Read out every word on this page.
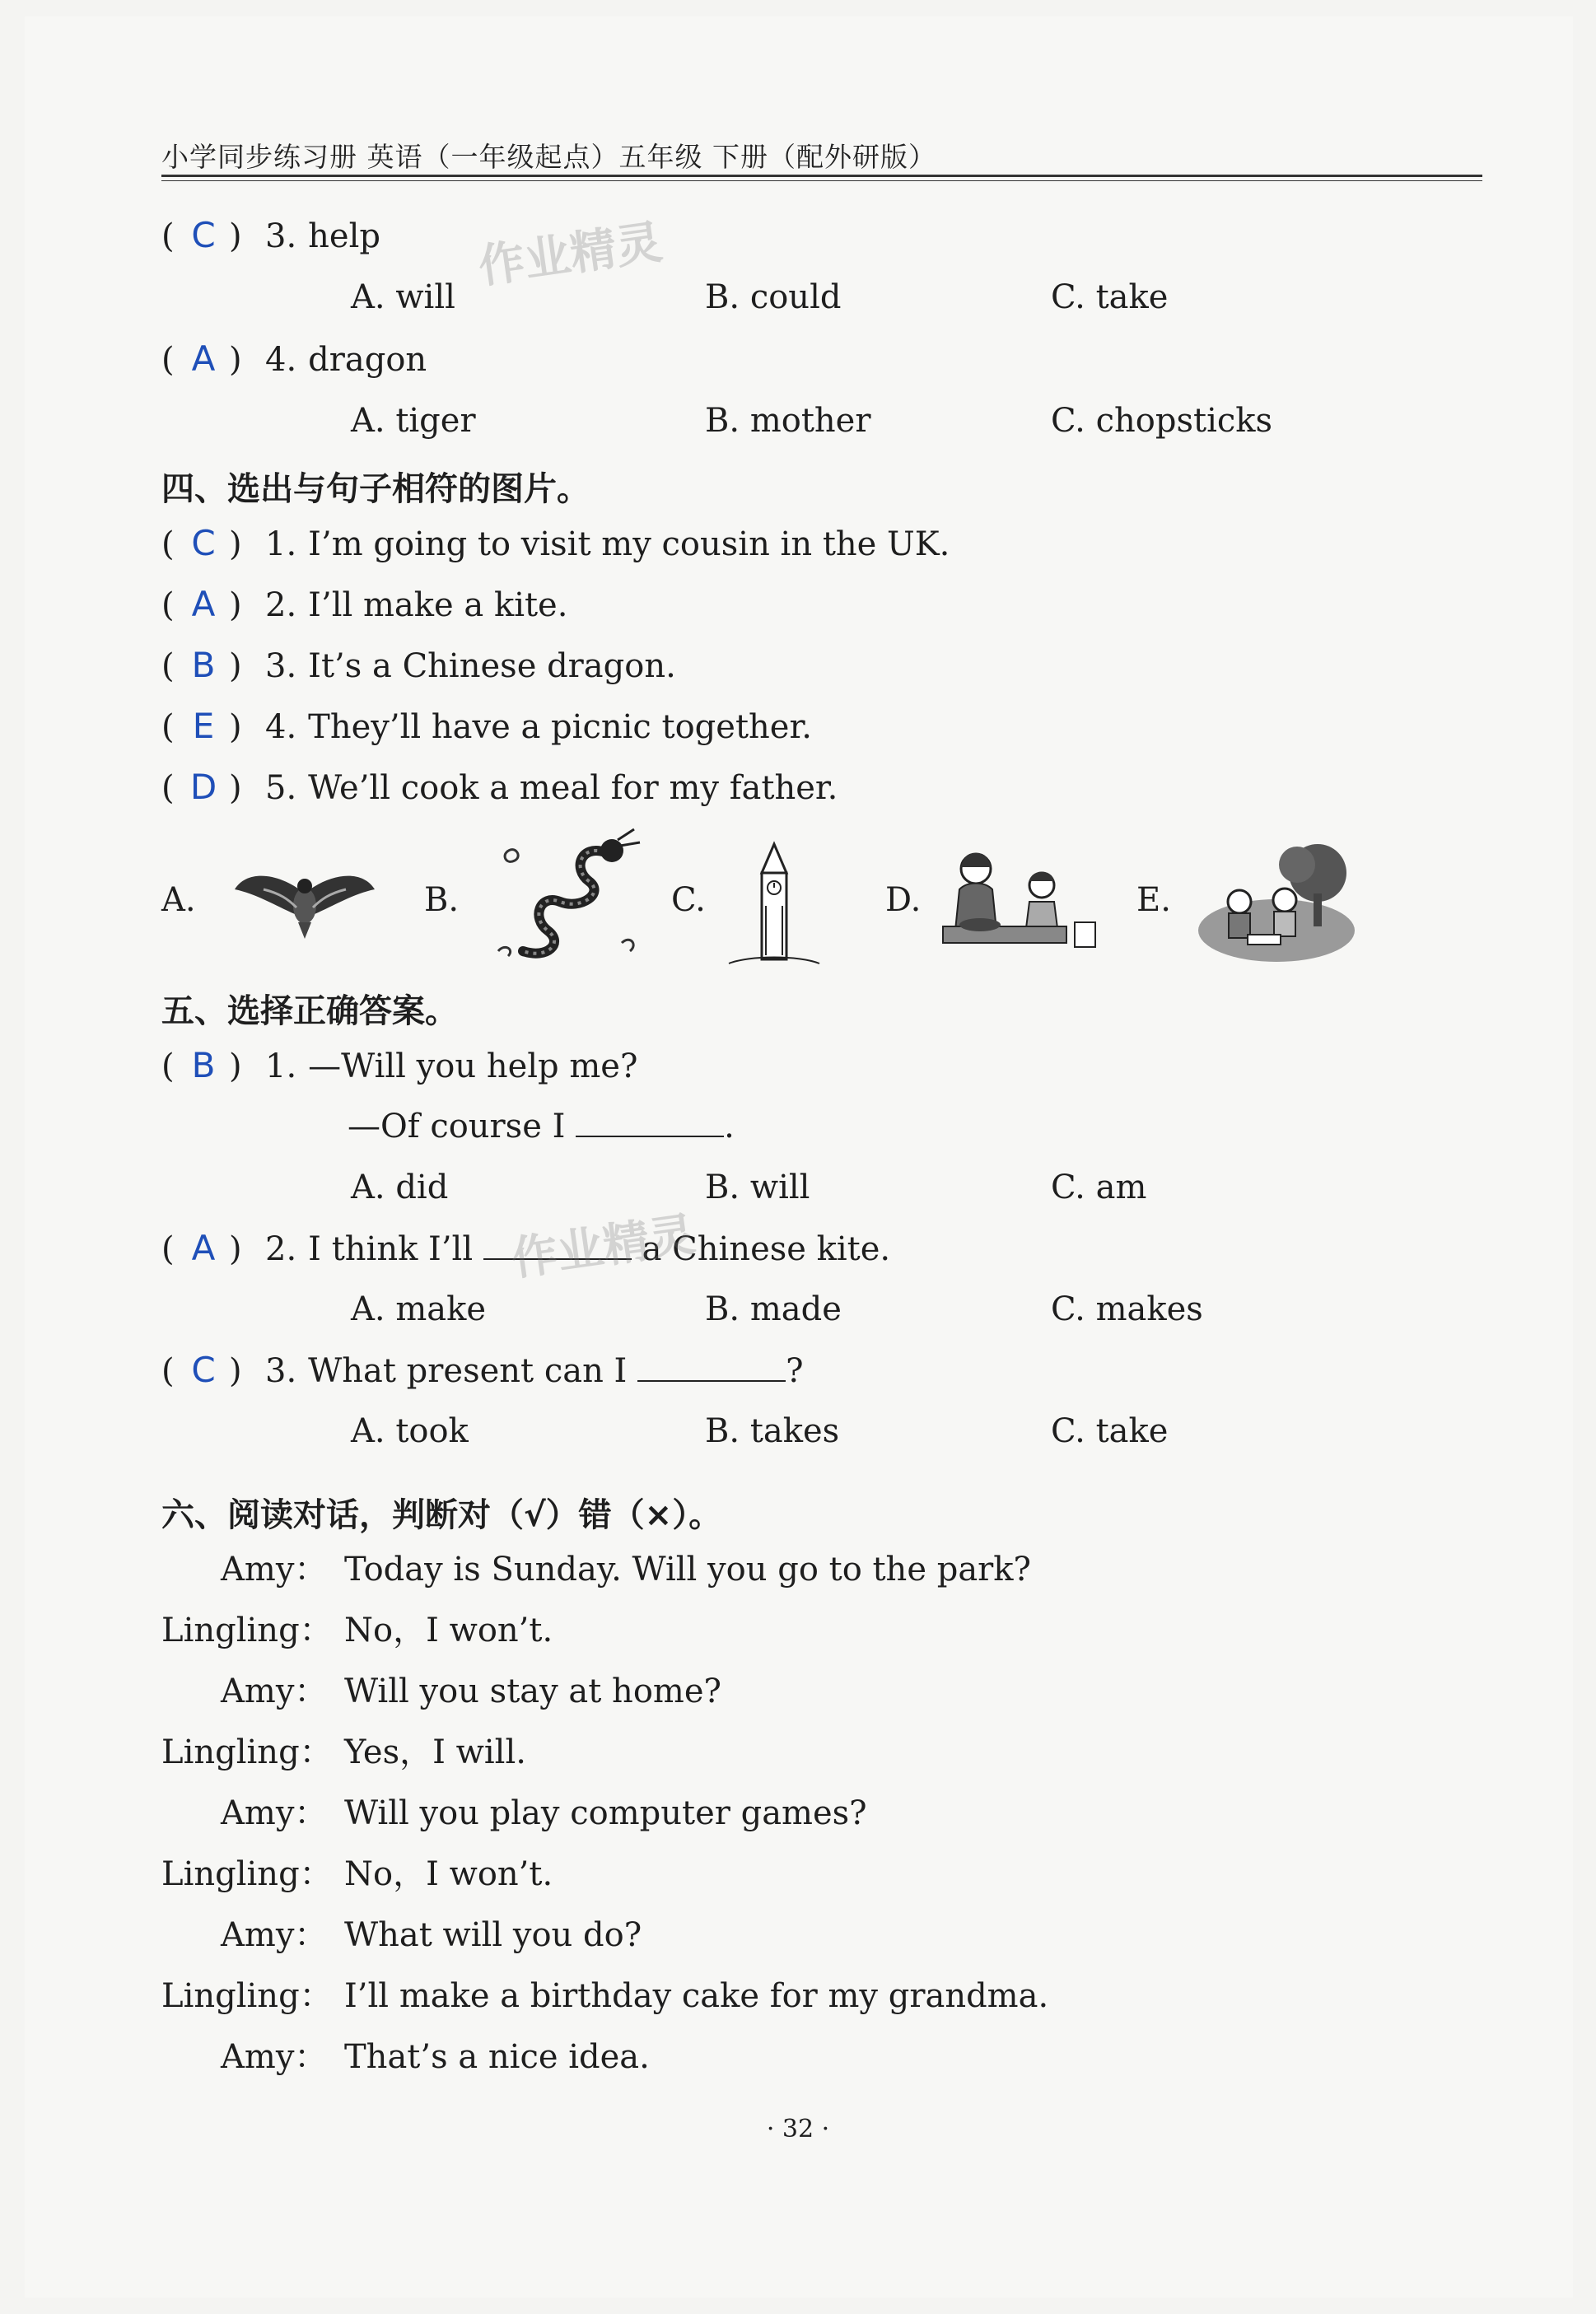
小学同步练习册 英语（一年级起点）五年级 下册（配外研版）
( C ) 3. help
A. will	B. could	C. take
( A ) 4. dragon
A. tiger	B. mother	C. chopsticks
作业精灵
四、选出与句子相符的图片。
( C ) 1. I’m going to visit my cousin in the UK.
( A ) 2. I’ll make a kite.
( B ) 3. It’s a Chinese dragon.
( E ) 4. They’ll have a picnic together.
( D ) 5. We’ll cook a meal for my father.
A.	B.	C.	D.	E.
五、选择正确答案。
( B ) 1. —Will you help me?
—Of course I	.
A. did	B. will	C. am
( A ) 2. I think I’ll	a Chinese kite.
A. make	B. made	C. makes
作业精灵
( C ) 3. What present can I	?
A. took	B. takes	C. take
六、阅读对话，判断对（√）错（×）。
Amy： Today is Sunday. Will you go to the park?
Lingling： No，I won’t.
Amy： Will you stay at home?
Lingling： Yes，I will.
Amy： Will you play computer games?
Lingling： No，I won’t.
Amy： What will you do?
Lingling： I’ll make a birthday cake for my grandma.
Amy： That’s a nice idea.
· 32 ·
